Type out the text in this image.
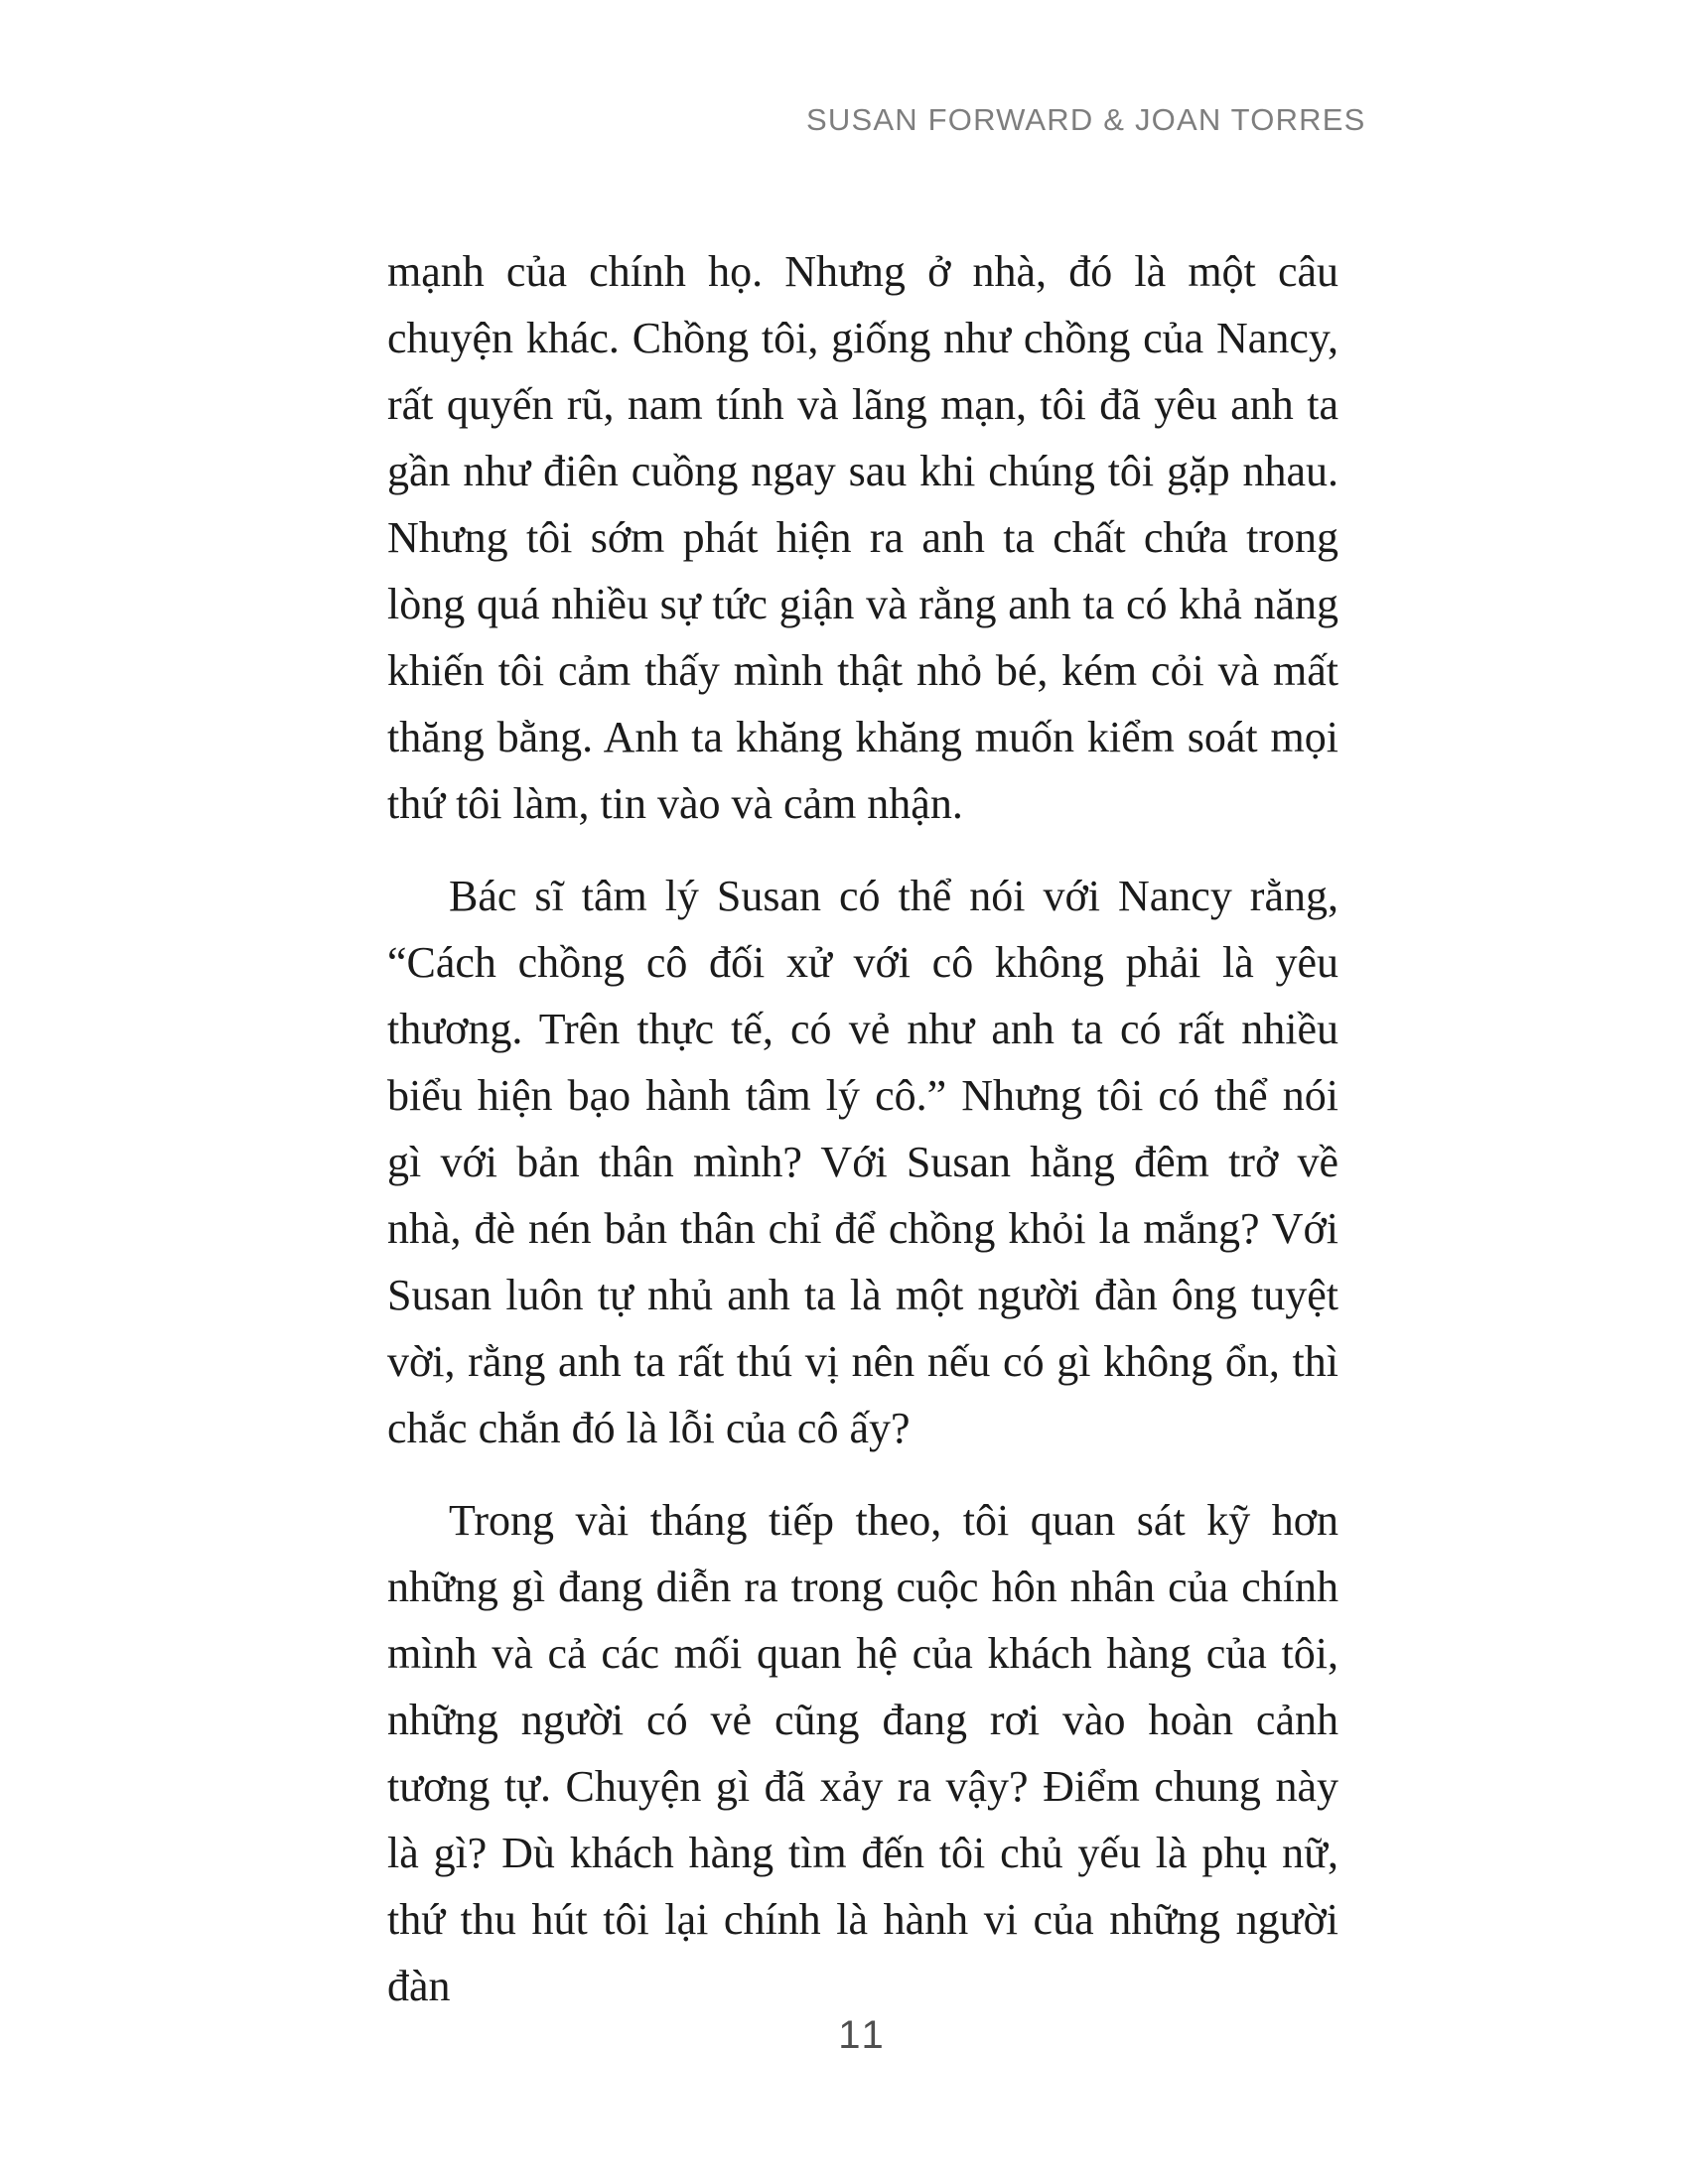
SUSAN FORWARD & JOAN TORRES

mạnh của chính họ. Nhưng ở nhà, đó là một câu chuyện khác. Chồng tôi, giống như chồng của Nancy, rất quyến rũ, nam tính và lãng mạn, tôi đã yêu anh ta gần như điên cuồng ngay sau khi chúng tôi gặp nhau. Nhưng tôi sớm phát hiện ra anh ta chất chứa trong lòng quá nhiều sự tức giận và rằng anh ta có khả năng khiến tôi cảm thấy mình thật nhỏ bé, kém cỏi và mất thăng bằng. Anh ta khăng khăng muốn kiểm soát mọi thứ tôi làm, tin vào và cảm nhận.

Bác sĩ tâm lý Susan có thể nói với Nancy rằng, “Cách chồng cô đối xử với cô không phải là yêu thương. Trên thực tế, có vẻ như anh ta có rất nhiều biểu hiện bạo hành tâm lý cô.” Nhưng tôi có thể nói gì với bản thân mình? Với Susan hằng đêm trở về nhà, đè nén bản thân chỉ để chồng khỏi la mắng? Với Susan luôn tự nhủ anh ta là một người đàn ông tuyệt vời, rằng anh ta rất thú vị nên nếu có gì không ổn, thì chắc chắn đó là lỗi của cô ấy?

Trong vài tháng tiếp theo, tôi quan sát kỹ hơn những gì đang diễn ra trong cuộc hôn nhân của chính mình và cả các mối quan hệ của khách hàng của tôi, những người có vẻ cũng đang rơi vào hoàn cảnh tương tự. Chuyện gì đã xảy ra vậy? Điểm chung này là gì? Dù khách hàng tìm đến tôi chủ yếu là phụ nữ, thứ thu hút tôi lại chính là hành vi của những người đàn

11
